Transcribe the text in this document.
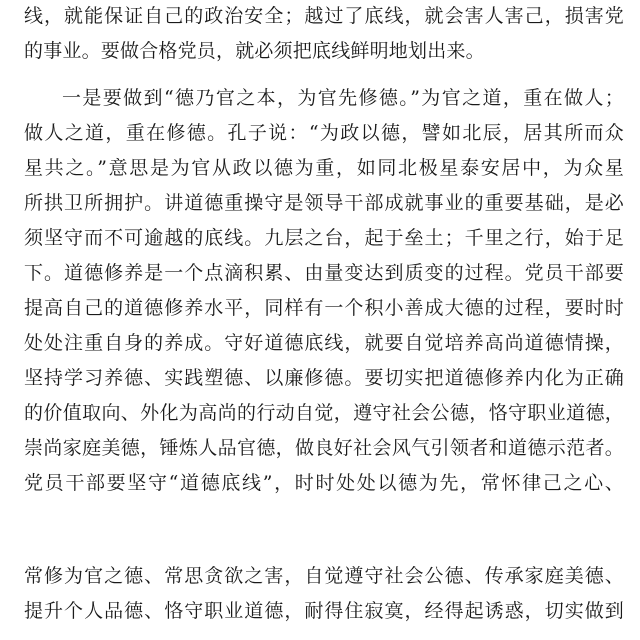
线，就能保证自己的政治安全；越过了底线，就会害人害己，损害党
的事业。要做合格党员，就必须把底线鲜明地划出来。
一是要做到“德乃官之本，为官先修德。”为官之道，重在做人；
做人之道，重在修德。孔子说：“为政以德，譬如北辰，居其所而众
星共之。”意思是为官从政以德为重，如同北极星泰安居中，为众星
所拱卫所拥护。讲道德重操守是领导干部成就事业的重要基础，是必
须坚守而不可逾越的底线。九层之台，起于垒土；千里之行，始于足
下。道德修养是一个点滴积累、由量变达到质变的过程。党员干部要
提高自己的道德修养水平，同样有一个积小善成大德的过程，要时时
处处注重自身的养成。守好道德底线，就要自觉培养高尚道德情操，
坚持学习养德、实践塑德、以廉修德。要切实把道德修养内化为正确
的价值取向、外化为高尚的行动自觉，遵守社会公德，恪守职业道德，
崇尚家庭美德，锤炼人品官德，做良好社会风气引领者和道德示范者。
党员干部要坚守“道德底线”，时时处处以德为先，常怀律己之心、
常修为官之德、常思贪欲之害，自觉遵守社会公德、传承家庭美德、
提升个人品德、恪守职业道德，耐得住寂寞，经得起诱惑，切实做到
